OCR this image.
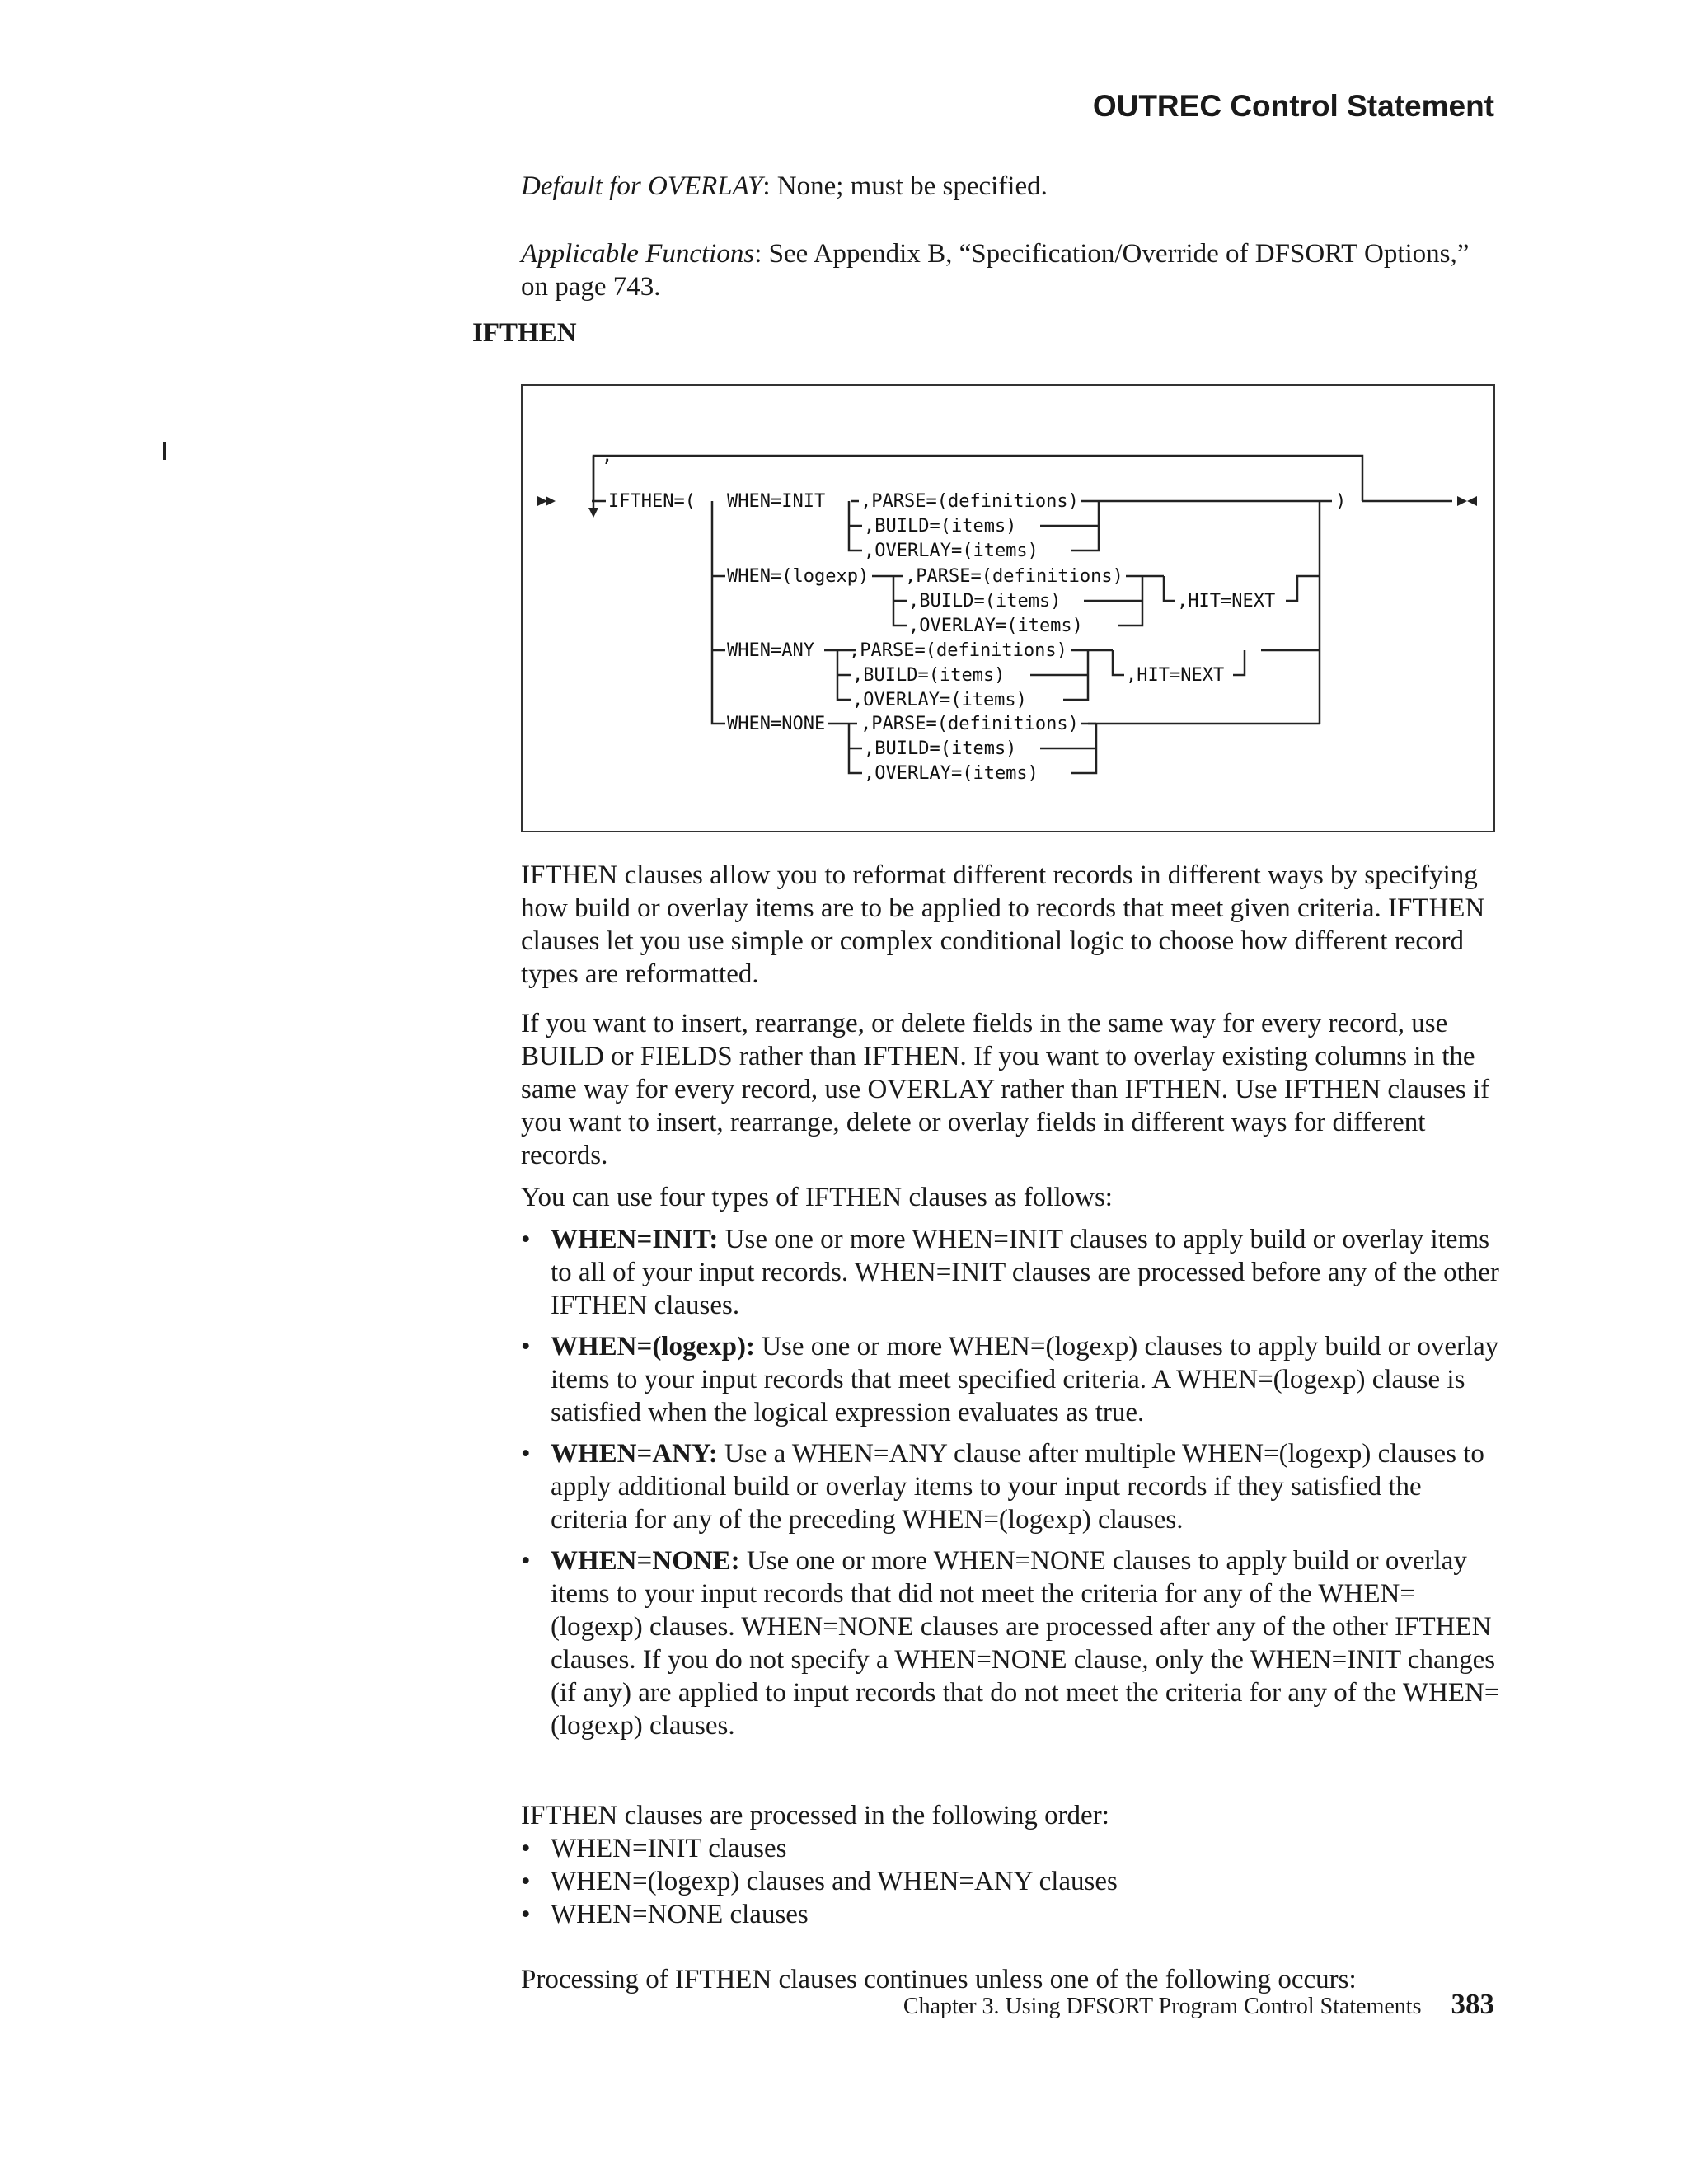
OUTREC Control Statement

Default for OVERLAY: None; must be specified.

Applicable Functions: See Appendix B, “Specification/Override of DFSORT Options,” on page 743.

IFTHEN
,
IFTHEN=(	)
WHEN=INIT
WHEN=(logexp)
WHEN=ANY
WHEN=NONE
,PARSE=(definitions)
,BUILD=(items)
,OVERLAY=(items)
,PARSE=(definitions)
,BUILD=(items)
,OVERLAY=(items)
,HIT=NEXT
,PARSE=(definitions)
,BUILD=(items)
,OVERLAY=(items)
,HIT=NEXT
,PARSE=(definitions)
,BUILD=(items)
,OVERLAY=(items)

IFTHEN clauses allow you to reformat different records in different ways by specifying how build or overlay items are to be applied to records that meet given criteria. IFTHEN clauses let you use simple or complex conditional logic to choose how different record types are reformatted.

If you want to insert, rearrange, or delete fields in the same way for every record, use BUILD or FIELDS rather than IFTHEN. If you want to overlay existing columns in the same way for every record, use OVERLAY rather than IFTHEN. Use IFTHEN clauses if you want to insert, rearrange, delete or overlay fields in different ways for different records.

You can use four types of IFTHEN clauses as follows:

• WHEN=INIT: Use one or more WHEN=INIT clauses to apply build or overlay items to all of your input records. WHEN=INIT clauses are processed before any of the other IFTHEN clauses.
• WHEN=(logexp): Use one or more WHEN=(logexp) clauses to apply build or overlay items to your input records that meet specified criteria. A WHEN=(logexp) clause is satisfied when the logical expression evaluates as true.
• WHEN=ANY: Use a WHEN=ANY clause after multiple WHEN=(logexp) clauses to apply additional build or overlay items to your input records if they satisfied the criteria for any of the preceding WHEN=(logexp) clauses.
• WHEN=NONE: Use one or more WHEN=NONE clauses to apply build or overlay items to your input records that did not meet the criteria for any of the WHEN=(logexp) clauses. WHEN=NONE clauses are processed after any of the other IFTHEN clauses. If you do not specify a WHEN=NONE clause, only the WHEN=INIT changes (if any) are applied to input records that do not meet the criteria for any of the WHEN=(logexp) clauses.

IFTHEN clauses are processed in the following order:

• WHEN=INIT clauses
• WHEN=(logexp) clauses and WHEN=ANY clauses
• WHEN=NONE clauses

Processing of IFTHEN clauses continues unless one of the following occurs:

Chapter 3. Using DFSORT Program Control Statements 383
